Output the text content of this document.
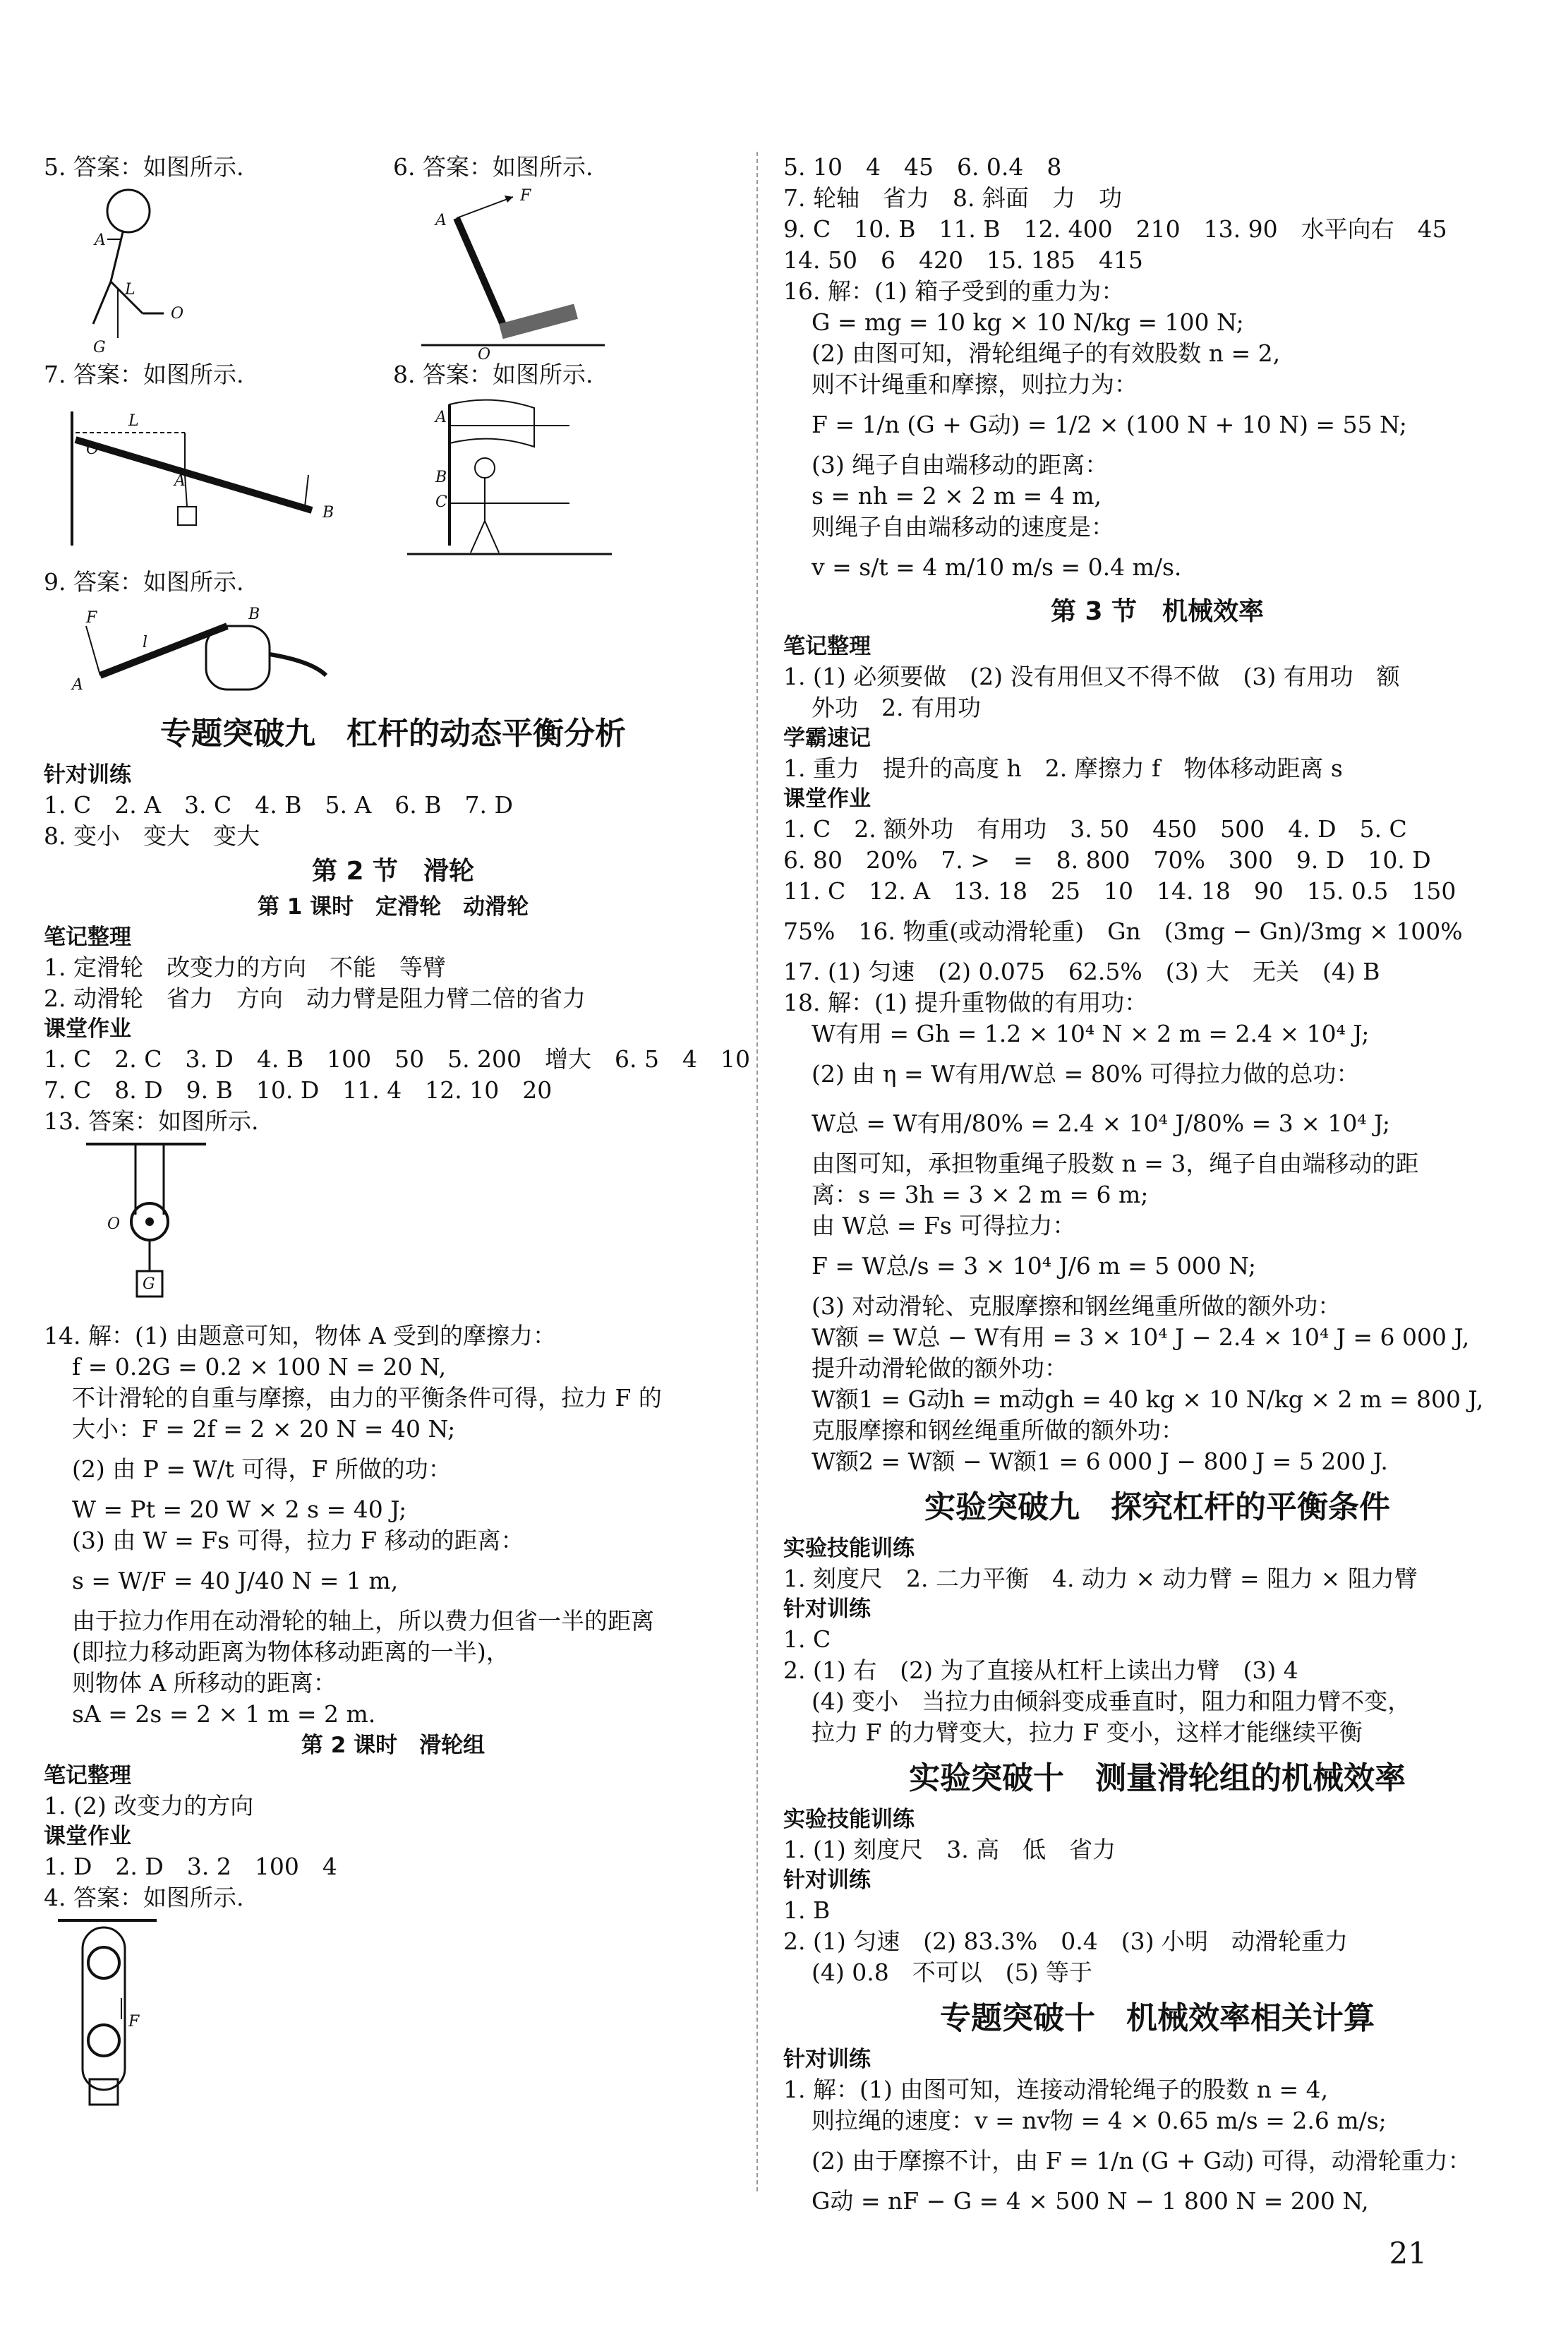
5. 答案：如图所示.
A
L
O
G
6. 答案：如图所示.
A
F
O
7. 答案：如图所示.
O
L
A
B
8. 答案：如图所示.
A
B
C
9. 答案：如图所示.
A
F
l
B
专题突破九　杠杆的动态平衡分析
针对训练
1. C　2. A　3. C　4. B　5. A　6. B　7. D
8. 变小　变大　变大
第 2 节　滑轮
第 1 课时　定滑轮　动滑轮
笔记整理
1. 定滑轮　改变力的方向　不能　等臂
2. 动滑轮　省力　方向　动力臂是阻力臂二倍的省力
课堂作业
1. C　2. C　3. D　4. B　100　50　5. 200　增大　6. 5　4　10
7. C　8. D　9. B　10. D　11. 4　12. 10　20
13. 答案：如图所示.
O
G
14. 解：(1) 由题意可知，物体 A 受到的摩擦力：
f = 0.2G = 0.2 × 100 N = 20 N,
不计滑轮的自重与摩擦，由力的平衡条件可得，拉力 F 的
大小：F = 2f = 2 × 20 N = 40 N;
(2) 由 P = W/t 可得，F 所做的功：
W = Pt = 20 W × 2 s = 40 J;
(3) 由 W = Fs 可得，拉力 F 移动的距离：
s = W/F = 40 J/40 N = 1 m,
由于拉力作用在动滑轮的轴上，所以费力但省一半的距离
(即拉力移动距离为物体移动距离的一半)，
则物体 A 所移动的距离：
sA = 2s = 2 × 1 m = 2 m.
第 2 课时　滑轮组
笔记整理
1. (2) 改变力的方向
课堂作业
1. D　2. D　3. 2　100　4
4. 答案：如图所示.
F
5. 10　4　45　6. 0.4　8
7. 轮轴　省力　8. 斜面　力　功
9. C　10. B　11. B　12. 400　210　13. 90　水平向右　45
14. 50　6　420　15. 185　415
16. 解：(1) 箱子受到的重力为：
G = mg = 10 kg × 10 N/kg = 100 N;
(2) 由图可知，滑轮组绳子的有效股数 n = 2,
则不计绳重和摩擦，则拉力为：
F = 1/n (G + G动) = 1/2 × (100 N + 10 N) = 55 N;
(3) 绳子自由端移动的距离：
s = nh = 2 × 2 m = 4 m,
则绳子自由端移动的速度是：
v = s/t = 4 m/10 m/s = 0.4 m/s.
第 3 节　机械效率
笔记整理
1. (1) 必须要做　(2) 没有用但又不得不做　(3) 有用功　额
外功　2. 有用功
学霸速记
1. 重力　提升的高度 h　2. 摩擦力 f　物体移动距离 s
课堂作业
1. C　2. 额外功　有用功　3. 50　450　500　4. D　5. C
6. 80　20%　7. >　=　8. 800　70%　300　9. D　10. D
11. C　12. A　13. 18　25　10　14. 18　90　15. 0.5　150
75%　16. 物重(或动滑轮重)　Gn　(3mg − Gn)/3mg × 100%
17. (1) 匀速　(2) 0.075　62.5%　(3) 大　无关　(4) B
18. 解：(1) 提升重物做的有用功：
W有用 = Gh = 1.2 × 10⁴ N × 2 m = 2.4 × 10⁴ J;
(2) 由 η = W有用/W总 = 80% 可得拉力做的总功：
W总 = W有用/80% = 2.4 × 10⁴ J/80% = 3 × 10⁴ J;
由图可知，承担物重绳子股数 n = 3，绳子自由端移动的距
离：s = 3h = 3 × 2 m = 6 m;
由 W总 = Fs 可得拉力：
F = W总/s = 3 × 10⁴ J/6 m = 5 000 N;
(3) 对动滑轮、克服摩擦和钢丝绳重所做的额外功：
W额 = W总 − W有用 = 3 × 10⁴ J − 2.4 × 10⁴ J = 6 000 J,
提升动滑轮做的额外功：
W额1 = G动h = m动gh = 40 kg × 10 N/kg × 2 m = 800 J,
克服摩擦和钢丝绳重所做的额外功：
W额2 = W额 − W额1 = 6 000 J − 800 J = 5 200 J.
实验突破九　探究杠杆的平衡条件
实验技能训练
1. 刻度尺　2. 二力平衡　4. 动力 × 动力臂 = 阻力 × 阻力臂
针对训练
1. C
2. (1) 右　(2) 为了直接从杠杆上读出力臂　(3) 4
(4) 变小　当拉力由倾斜变成垂直时，阻力和阻力臂不变，
拉力 F 的力臂变大，拉力 F 变小，这样才能继续平衡
实验突破十　测量滑轮组的机械效率
实验技能训练
1. (1) 刻度尺　3. 高　低　省力
针对训练
1. B
2. (1) 匀速　(2) 83.3%　0.4　(3) 小明　动滑轮重力
(4) 0.8　不可以　(5) 等于
专题突破十　机械效率相关计算
针对训练
1. 解：(1) 由图可知，连接动滑轮绳子的股数 n = 4,
则拉绳的速度：v = nv物 = 4 × 0.65 m/s = 2.6 m/s;
(2) 由于摩擦不计，由 F = 1/n (G + G动) 可得，动滑轮重力：
G动 = nF − G = 4 × 500 N − 1 800 N = 200 N,
21
